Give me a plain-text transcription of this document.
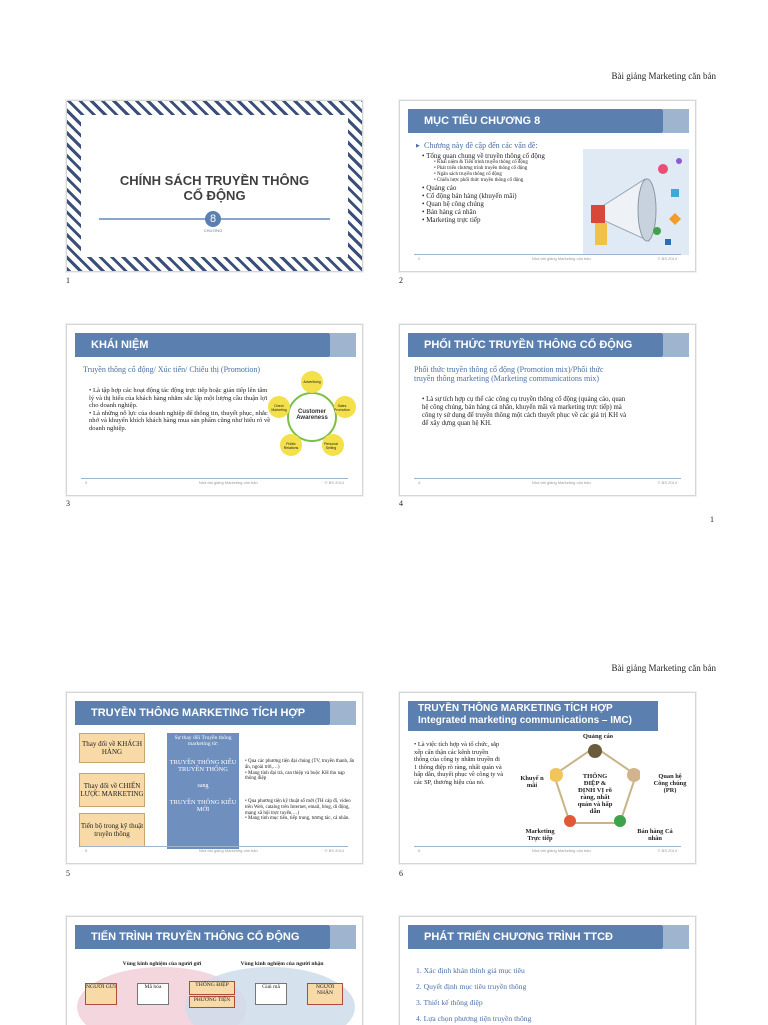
Bài giảng Marketing căn bản
CHÍNH SÁCH TRUYỀN THÔNG CỔ ĐỘNG
8
CHƯƠNG
1
MỤC TIÊU CHƯƠNG 8
Chương này đề cập đến các vấn đề:
• Tổng quan chung về truyền thông cổ động
• Khái niệm & Tiến trình truyền thông cổ động
• Phát triển chương trình truyền thông cổ động
• Ngân sách truyền thông cổ động
• Chiến lược phối thức truyền thông cổ động
• Quảng cáo
• Cổ động bán hàng (khuyến mãi)
• Quan hệ công chúng
• Bán hàng cá nhân
• Marketing trực tiếp
2	Nhà bài giảng Marketing căn bản	© BS 2014
2
KHÁI NIỆM
Truyền thông cổ động/ Xúc tiến/ Chiêu thị (Promotion)
• Là tập hợp các hoạt động tác động trực tiếp hoặc gián tiếp lên tâm lý và thị hiếu của khách hàng nhằm sắc lập một lượng cầu thuận lợi cho doanh nghiệp.
• Là những nỗ lực của doanh nghiệp để thông tin, thuyết phục, nhắc nhở và khuyến khích khách hàng mua sản phẩm cũng như hiểu rõ về doanh nghiệp.
Customer Awareness
Advertising
Sales Promotion
Personal Selling
Public Relations
Direct Marketing
3	Nhà bài giảng Marketing căn bản	© BS 2014
3
PHỐI THỨC TRUYỀN THÔNG CỔ ĐỘNG
Phối thức truyền thông cổ động (Promotion mix)/Phối thức truyền thông marketing (Marketing communications mix)
• Là sự tích hợp cụ thể các công cụ truyền thông cổ động (quảng cáo, quan hệ công chúng, bán hàng cá nhân, khuyến mãi và marketing trực tiếp) mà công ty sử dụng để truyền thông một cách thuyết phục về các giá trị KH và để xây dựng quan hệ KH.
4	Nhà bài giảng Marketing căn bản	© BS 2014
4
1
Bài giảng Marketing căn bản
TRUYỀN THÔNG MARKETING TÍCH HỢP
Thay đổi về KHÁCH HÀNG
Thay đổi về CHIẾN LƯỢC MARKETING
Tiến bộ trong kỹ thuật truyền thông
Sự thay đổi Truyền thông marketing từ:
TRUYỀN THÔNG KIỂU TRUYỀN THỐNG
sang
TRUYỀN THÔNG KIỂU MỚI
• Qua các phương tiện đại chúng (TV, truyền thanh, ấn ấn, ngoài trời,…)
• Mang tính đại trà, can thiệp và buộc KH thu nạp thông điệp
• Qua phương tiện kỹ thuật số mới (TH cáp đĩ, video trên Web, catalog trên Internet, email, blog, di động, mạng xã hội trực tuyến,…)
• Mang tính mục tiêu, tiếp trung, tương tác, cá nhân.
5	Nhà bài giảng Marketing căn bản	© BS 2014
5
TRUYỀN THÔNG MARKETING TÍCH HỢP
Integrated marketing communications – IMC)
• Là việc tích hợp và tổ chức, sắp xếp cẩn thận các kênh truyền thông của công ty nhằm truyền đi 1 thông điệp rõ ràng, nhất quán và hấp dẫn, thuyết phục về công ty và các SP, thương hiệu của nó.
THÔNG ĐIỆP & ĐỊNH VỊ rõ ràng, nhất quán và hấp dẫn
Quảng cáo
Quan hệ Công chúng (PR)
Bán hàng Cá nhân
Marketing Trực tiếp
Khuyế n mãi
6	Nhà bài giảng Marketing căn bản	© BS 2014
6
TIẾN TRÌNH TRUYỀN THÔNG CỔ ĐỘNG
Vùng kinh nghiệm của người gửi	Vùng kinh nghiệm của người nhận
NGƯỜI GỬI	Mã hóa	THÔNG ĐIỆP
PHƯƠNG TIỆN
Giải mã	NGƯỜI NHẬN
PHÁT TRIỂN CHƯƠNG TRÌNH TTCĐ
1. Xác định khán thính giả mục tiêu
2. Quyết định mục tiêu truyền thông
3. Thiết kế thông điệp
4. Lựa chọn phương tiện truyền thông
